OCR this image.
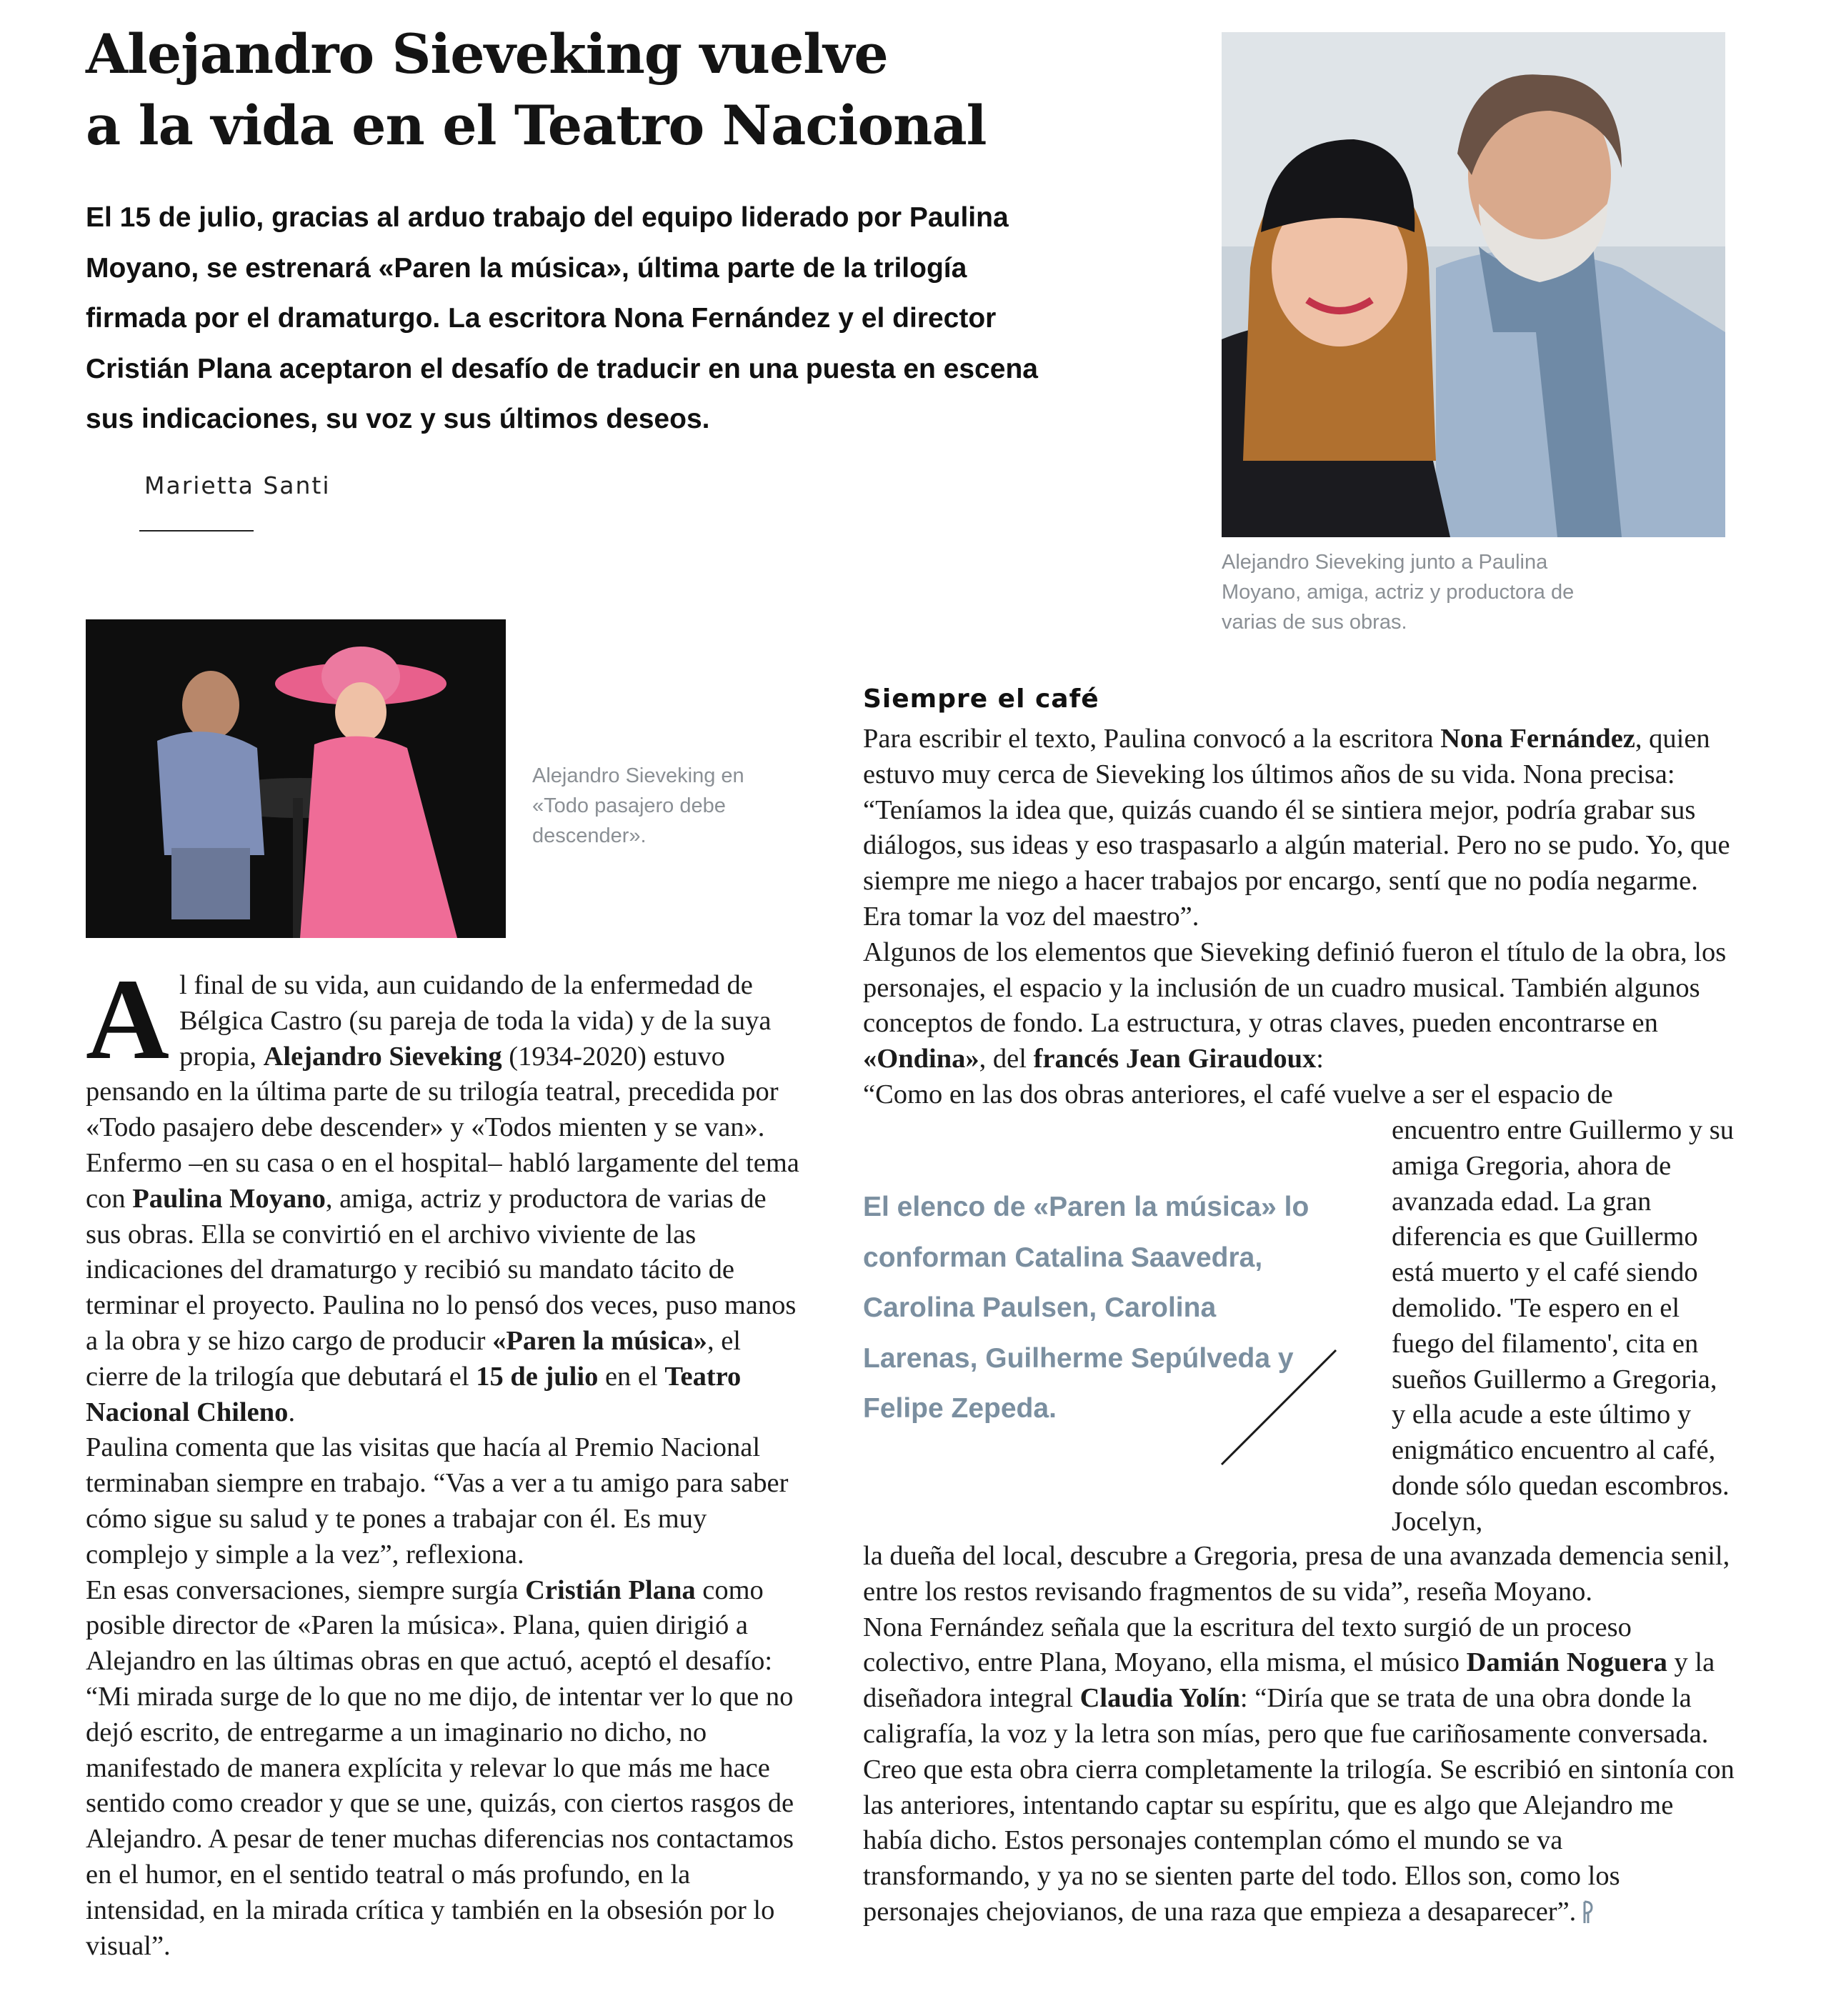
Alejandro Sieveking vuelve
a la vida en el Teatro Nacional

El 15 de julio, gracias al arduo trabajo del equipo liderado por Paulina Moyano, se estrenará «Paren la música», última parte de la trilogía firmada por el dramaturgo. La escritora Nona Fernández y el director Cristián Plana aceptaron el desafío de traducir en una puesta en escena sus indicaciones, su voz y sus últimos deseos.

Marietta Santi

Alejandro Sieveking junto a Paulina Moyano, amiga, actriz y productora de varias de sus obras.

Alejandro Sieveking en «Todo pasajero debe descender».

Al final de su vida, aun cuidando de la enfermedad de Bélgica Castro (su pareja de toda la vida) y de la suya propia, Alejandro Sieveking (1934-2020) estuvo pensando en la última parte de su trilogía teatral, precedida por «Todo pasajero debe descender» y «Todos mienten y se van». Enfermo –en su casa o en el hospital– habló largamente del tema con Paulina Moyano, amiga, actriz y productora de varias de sus obras. Ella se convirtió en el archivo viviente de las indicaciones del dramaturgo y recibió su mandato tácito de terminar el proyecto. Paulina no lo pensó dos veces, puso manos a la obra y se hizo cargo de producir «Paren la música», el cierre de la trilogía que debutará el 15 de julio en el Teatro Nacional Chileno.

Paulina comenta que las visitas que hacía al Premio Nacional terminaban siempre en trabajo. “Vas a ver a tu amigo para saber cómo sigue su salud y te pones a trabajar con él. Es muy complejo y simple a la vez”, reflexiona.

En esas conversaciones, siempre surgía Cristián Plana como posible director de «Paren la música». Plana, quien dirigió a Alejandro en las últimas obras en que actuó, aceptó el desafío: “Mi mirada surge de lo que no me dijo, de intentar ver lo que no dejó escrito, de entregarme a un imaginario no dicho, no manifestado de manera explícita y relevar lo que más me hace sentido como creador y que se une, quizás, con ciertos rasgos de Alejandro. A pesar de tener muchas diferencias nos contactamos en el humor, en el sentido teatral o más profundo, en la intensidad, en la mirada crítica y también en la obsesión por lo visual”.

Siempre el café

Para escribir el texto, Paulina convocó a la escritora Nona Fernández, quien estuvo muy cerca de Sieveking los últimos años de su vida. Nona precisa: “Teníamos la idea que, quizás cuando él se sintiera mejor, podría grabar sus diálogos, sus ideas y eso traspasarlo a algún material. Pero no se pudo. Yo, que siempre me niego a hacer trabajos por encargo, sentí que no podía negarme. Era tomar la voz del maestro”.

Algunos de los elementos que Sieveking definió fueron el título de la obra, los personajes, el espacio y la inclusión de un cuadro musical. También algunos conceptos de fondo. La estructura, y otras claves, pueden encontrarse en «Ondina», del francés Jean Giraudoux:

“Como en las dos obras anteriores, el café vuelve a ser el espacio de

El elenco de «Paren la música» lo conforman Catalina Saavedra, Carolina Paulsen, Carolina Larenas, Guilherme Sepúlveda y Felipe Zepeda.

encuentro entre Guillermo y su amiga Gregoria, ahora de avanzada edad. La gran diferencia es que Guillermo está muerto y el café siendo demolido. 'Te espero en el fuego del filamento', cita en sueños Guillermo a Gregoria, y ella acude a este último y enigmático encuentro al café, donde sólo quedan escombros. Jocelyn,

la dueña del local, descubre a Gregoria, presa de una avanzada demencia senil, entre los restos revisando fragmentos de su vida”, reseña Moyano.

Nona Fernández señala que la escritura del texto surgió de un proceso colectivo, entre Plana, Moyano, ella misma, el músico Damián Noguera y la diseñadora integral Claudia Yolín: “Diría que se trata de una obra donde la caligrafía, la voz y la letra son mías, pero que fue cariñosamente conversada. Creo que esta obra cierra completamente la trilogía. Se escribió en sintonía con las anteriores, intentando captar su espíritu, que es algo que Alejandro me había dicho. Estos personajes contemplan cómo el mundo se va transformando, y ya no se sienten parte del todo. Ellos son, como los personajes chejovianos, de una raza que empieza a desaparecer”.
